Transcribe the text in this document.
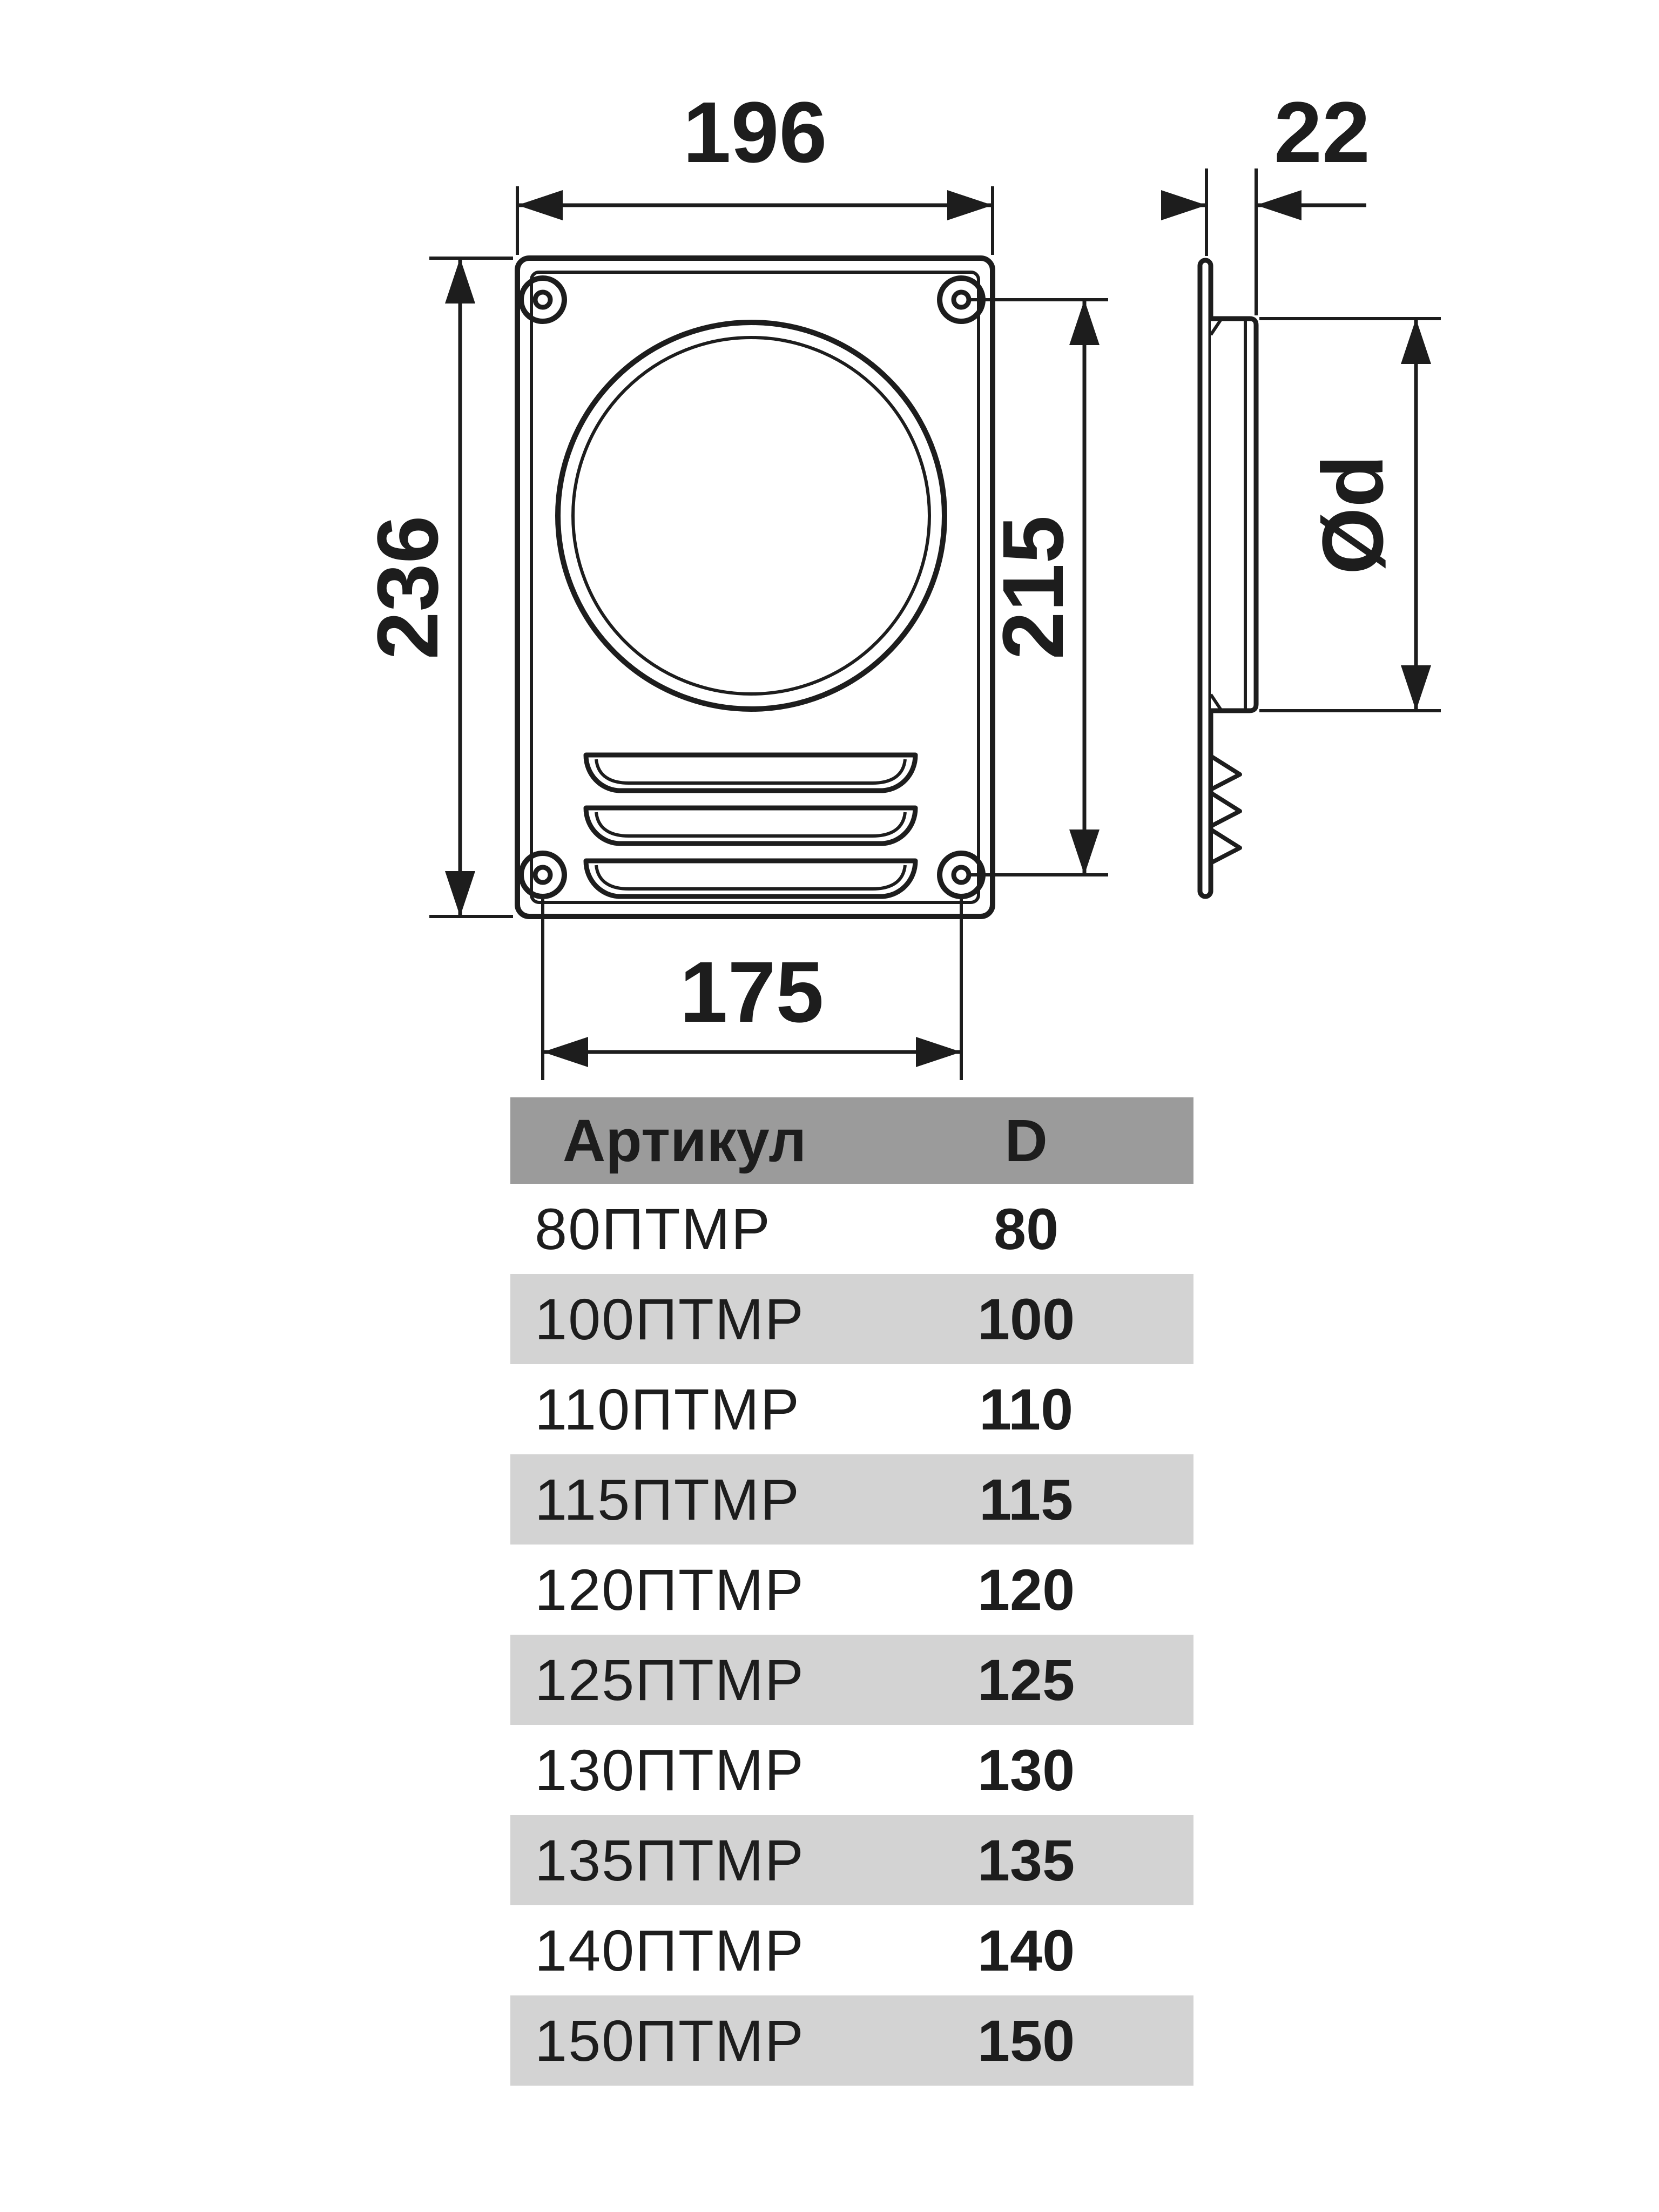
196
236	215
175
22
Ød
Артикул	D
80ПТМР	80
100ПТМР	100
110ПТМР	110
115ПТМР	115
120ПТМР	120
125ПТМР	125
130ПТМР	130
135ПТМР	135
140ПТМР	140
150ПТМР	150
